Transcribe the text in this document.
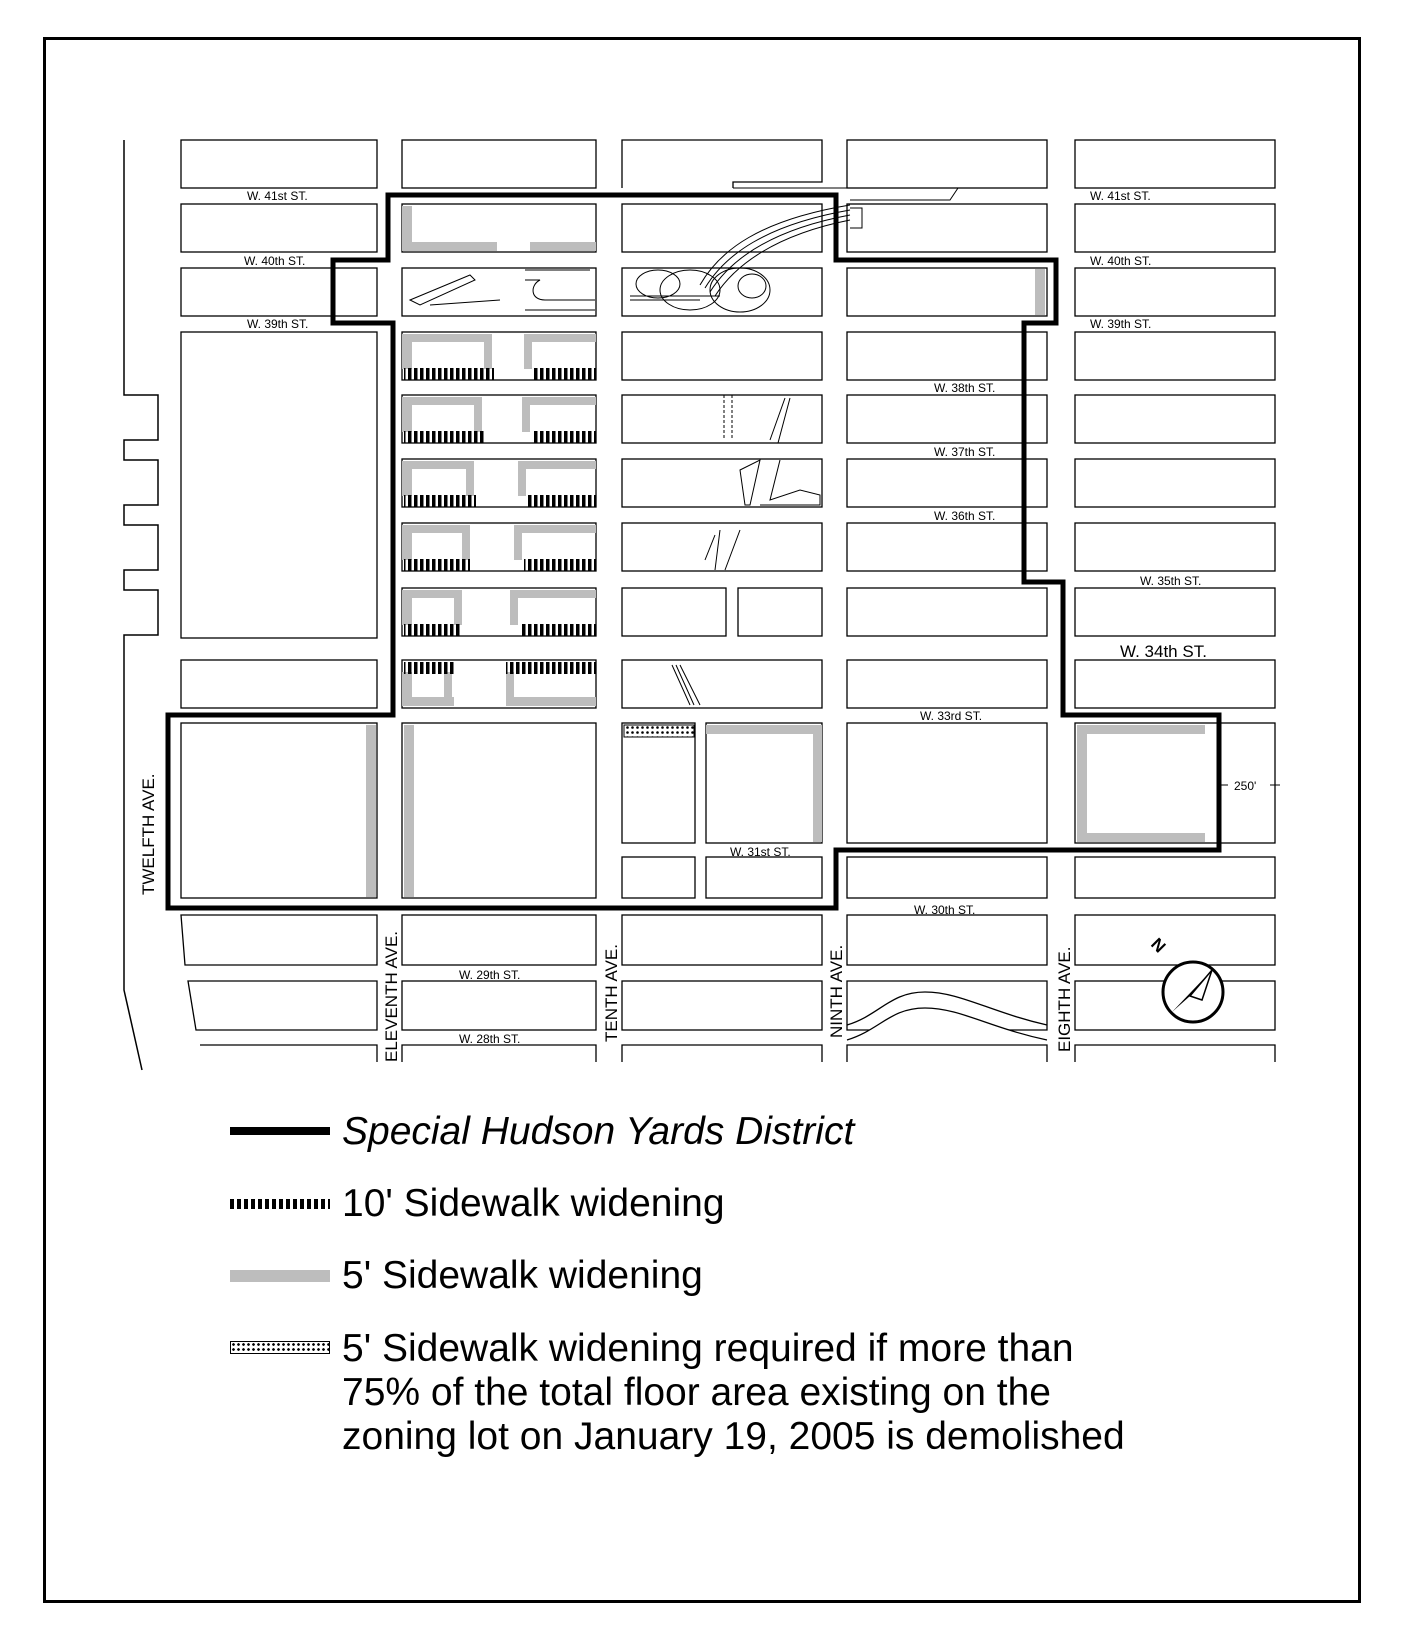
W. 41st ST.	W. 41st ST.
W. 40th ST.	W. 40th ST.
W. 39th ST.	W. 39th ST.
W. 38th ST.
W. 37th ST.
W. 36th ST.
W. 35th ST.
W. 34th ST.
W. 33rd ST.
W. 31st ST.
W. 30th ST.
W. 29th ST.
W. 28th ST.
250'
TWELFTH AVE.
ELEVENTH AVE.	TENTH AVE.	NINTH AVE.	EIGHTH AVE.
N
Special Hudson Yards District
10' Sidewalk widening
5' Sidewalk widening
5' Sidewalk widening required if more than
75% of the total floor area existing on the
zoning lot on January 19, 2005 is demolished
